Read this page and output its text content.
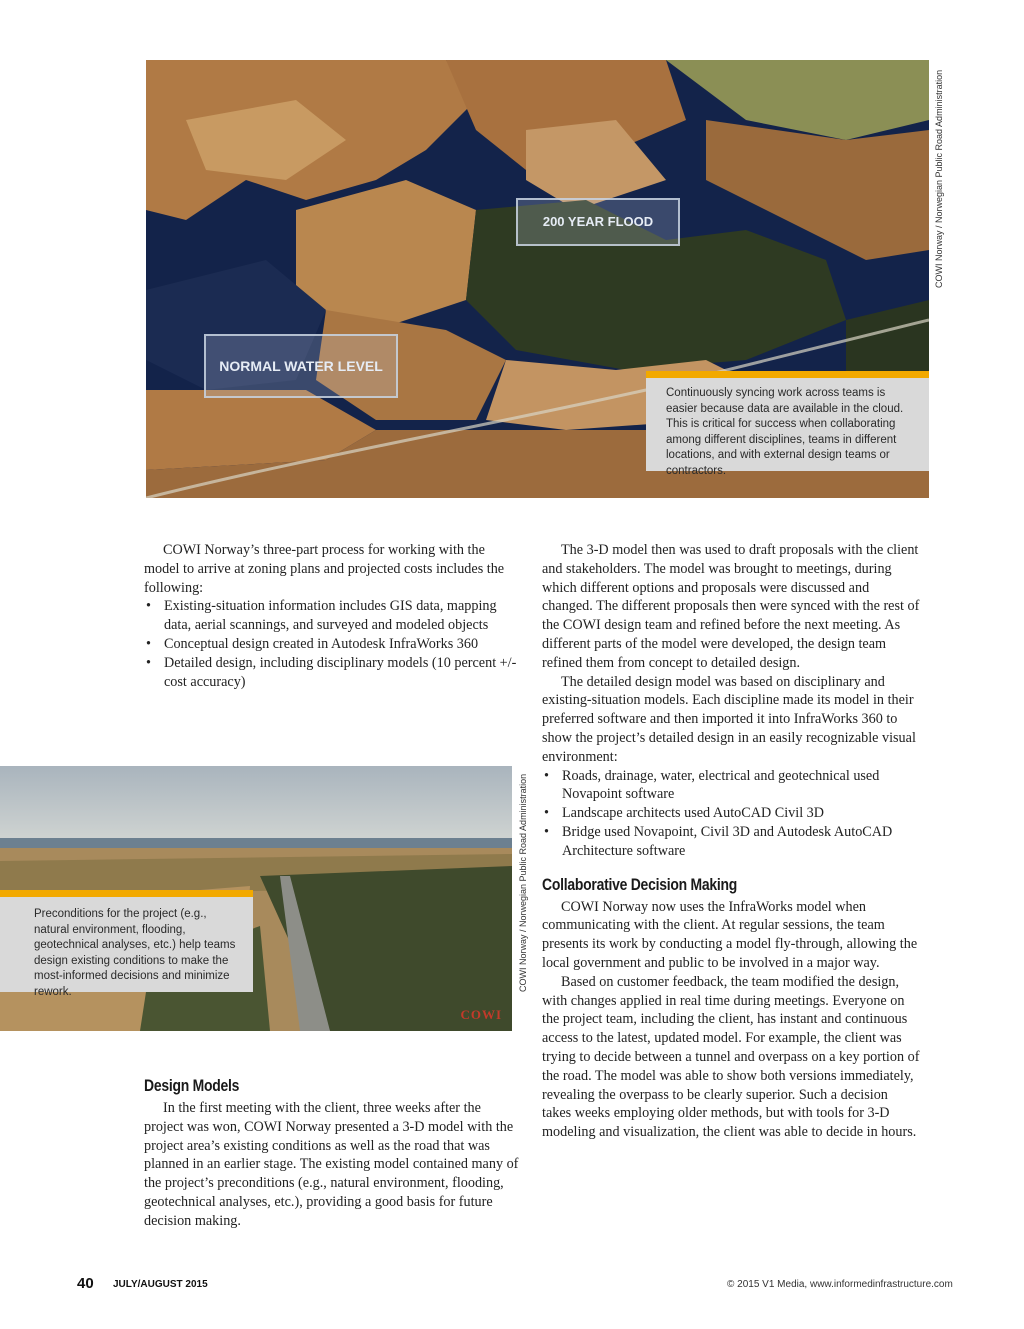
200 YEAR FLOOD
NORMAL WATER LEVEL
Continuously syncing work across teams is easier because data are available in the cloud. This is critical for success when collaborating among different disciplines, teams in different locations, and with external design teams or contractors.
COWI Norway / Norwegian Public Road Administration

COWI Norway’s three-part process for working with the model to arrive at zoning plans and projected costs includes the following:

• Existing-situation information includes GIS data, mapping data, aerial scannings, and surveyed and modeled objects
• Conceptual design created in Autodesk InfraWorks 360
• Detailed design, including disciplinary models (10 percent +/- cost accuracy)
Preconditions for the project (e.g., natural environment, flooding, geotechnical analyses, etc.) help teams design existing conditions to make the most-informed decisions and minimize rework.
COWI
COWI Norway / Norwegian Public Road Administration
Design Models

In the first meeting with the client, three weeks after the project was won, COWI Norway presented a 3-D model with the project area’s existing conditions as well as the road that was planned in an earlier stage. The existing model contained many of the project’s preconditions (e.g., natural environment, flooding, geotechnical analyses, etc.), providing a good basis for future decision making.

The 3-D model then was used to draft proposals with the client and stakeholders. The model was brought to meetings, during which different options and proposals were discussed and changed. The different proposals then were synced with the rest of the COWI design team and refined before the next meeting. As different parts of the model were developed, the design team refined them from concept to detailed design.

The detailed design model was based on disciplinary and existing-situation models. Each discipline made its model in their preferred software and then imported it into InfraWorks 360 to show the project’s detailed design in an easily recognizable visual environment:

• Roads, drainage, water, electrical and geotechnical used Novapoint software
• Landscape architects used AutoCAD Civil 3D
• Bridge used Novapoint, Civil 3D and Autodesk AutoCAD Architecture software
Collaborative Decision Making

COWI Norway now uses the InfraWorks model when communicating with the client. At regular sessions, the team presents its work by conducting a model fly-through, allowing the local government and public to be involved in a major way.

Based on customer feedback, the team modified the design, with changes applied in real time during meetings. Everyone on the project team, including the client, has instant and continuous access to the latest, updated model. For example, the client was trying to decide between a tunnel and overpass on a key portion of the road. The model was able to show both versions immediately, revealing the overpass to be clearly superior. Such a decision takes weeks employing older methods, but with tools for 3-D modeling and visualization, the client was able to decide in hours.

40 JULY/AUGUST 2015	© 2015 V1 Media, www.informedinfrastructure.com
